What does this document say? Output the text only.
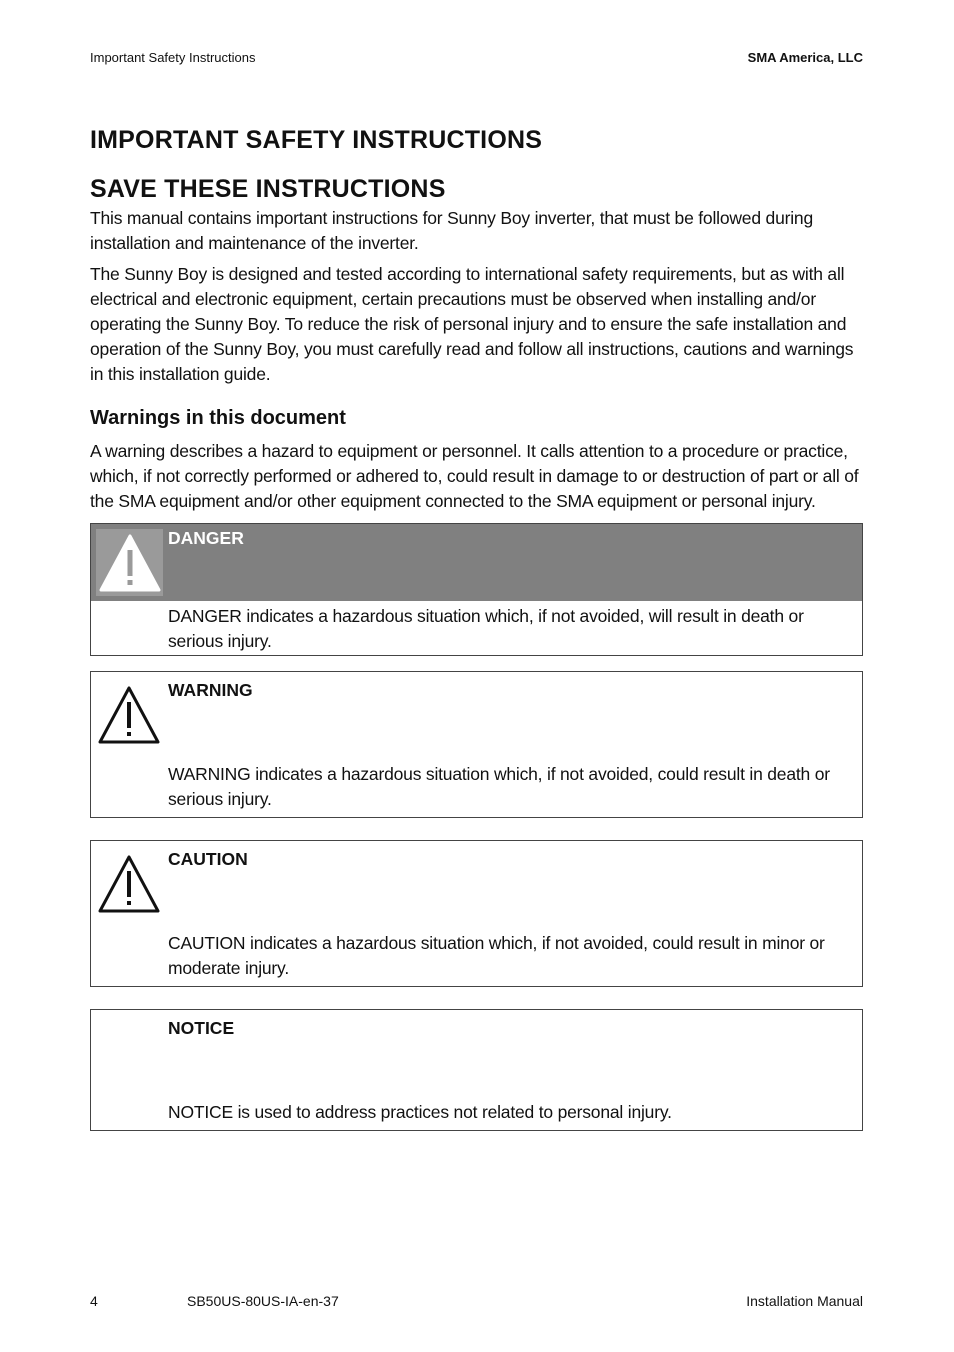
Important Safety Instructions	SMA America, LLC
IMPORTANT SAFETY INSTRUCTIONS
SAVE THESE INSTRUCTIONS

This manual contains important instructions for Sunny Boy inverter, that must be followed during installation and maintenance of the inverter.

The Sunny Boy is designed and tested according to international safety requirements, but as with all electrical and electronic equipment, certain precautions must be observed when installing and/or operating the Sunny Boy. To reduce the risk of personal injury and to ensure the safe installation and operation of the Sunny Boy, you must carefully read and follow all instructions, cautions and warnings in this installation guide.

Warnings in this document

A warning describes a hazard to equipment or personnel. It calls attention to a procedure or practice, which, if not correctly performed or adhered to, could result in damage to or destruction of part or all of the SMA equipment and/or other equipment connected to the SMA equipment or personal injury.

DANGER
DANGER indicates a hazardous situation which, if not avoided, will result in death or serious injury.
WARNING
WARNING indicates a hazardous situation which, if not avoided, could result in death or serious injury.
CAUTION
CAUTION indicates a hazardous situation which, if not avoided, could result in minor or moderate injury.
NOTICE
NOTICE is used to address practices not related to personal injury.
4	SB50US-80US-IA-en-37	Installation Manual
